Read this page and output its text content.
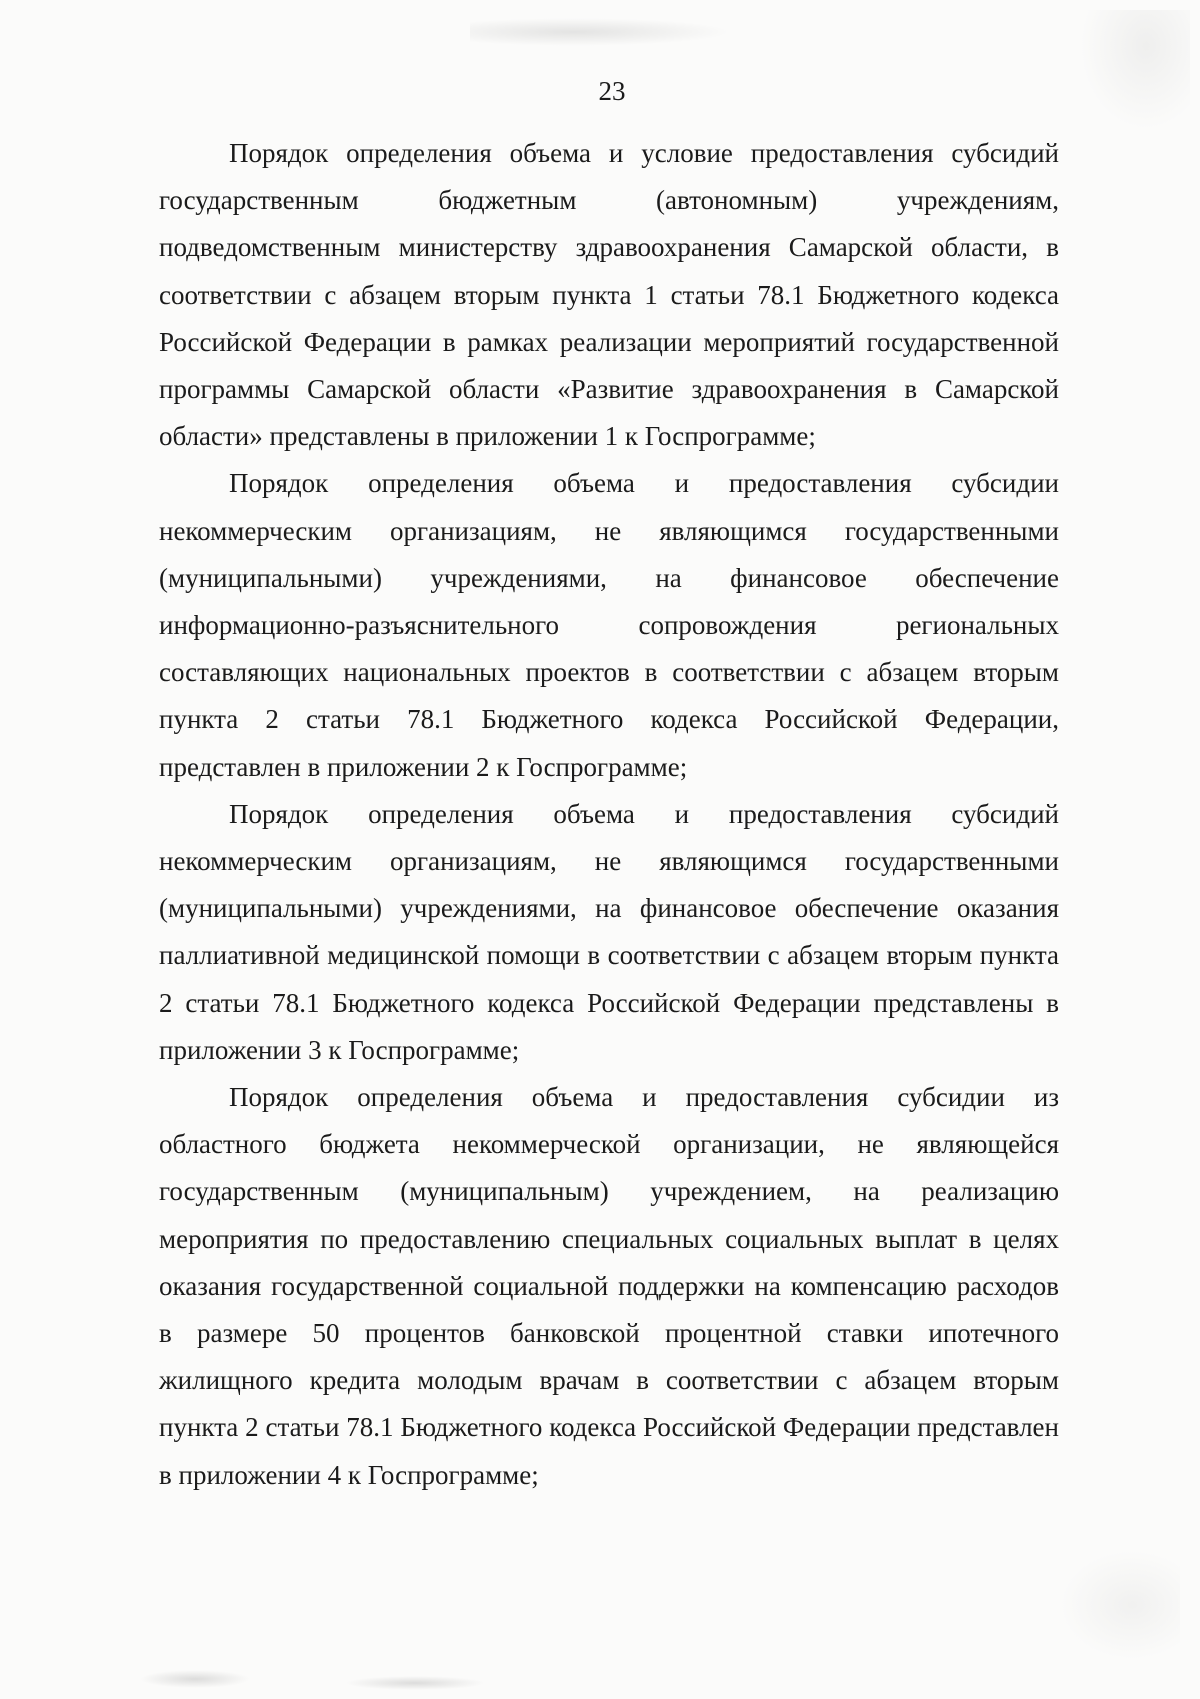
23

Порядок определения объема и условие предоставления субсидий государственным бюджетным (автономным) учреждениям, подведомственным министерству здравоохранения Самарской области, в соответствии с абзацем вторым пункта 1 статьи 78.1 Бюджетного кодекса Российской Федерации в рамках реализации мероприятий государственной программы Самарской области «Развитие здравоохранения в Самарской области» представлены в приложении 1 к Госпрограмме;

Порядок определения объема и предоставления субсидии некоммерческим организациям, не являющимся государственными (муниципальными) учреждениями, на финансовое обеспечение информационно-разъяснительного сопровождения региональных составляющих национальных проектов в соответствии с абзацем вторым пункта 2 статьи 78.1 Бюджетного кодекса Российской Федерации, представлен в приложении 2 к Госпрограмме;

Порядок определения объема и предоставления субсидий некоммерческим организациям, не являющимся государственными (муниципальными) учреждениями, на финансовое обеспечение оказания паллиативной медицинской помощи в соответствии с абзацем вторым пункта 2 статьи 78.1 Бюджетного кодекса Российской Федерации представлены в приложении 3 к Госпрограмме;

Порядок определения объема и предоставления субсидии из областного бюджета некоммерческой организации, не являющейся государственным (муниципальным) учреждением, на реализацию мероприятия по предоставлению специальных социальных выплат в целях оказания государственной социальной поддержки на компенсацию расходов в размере 50 процентов банковской процентной ставки ипотечного жилищного кредита молодым врачам в соответствии с абзацем вторым пункта 2 статьи 78.1 Бюджетного кодекса Российской Федерации представлен в приложении 4 к Госпрограмме;
